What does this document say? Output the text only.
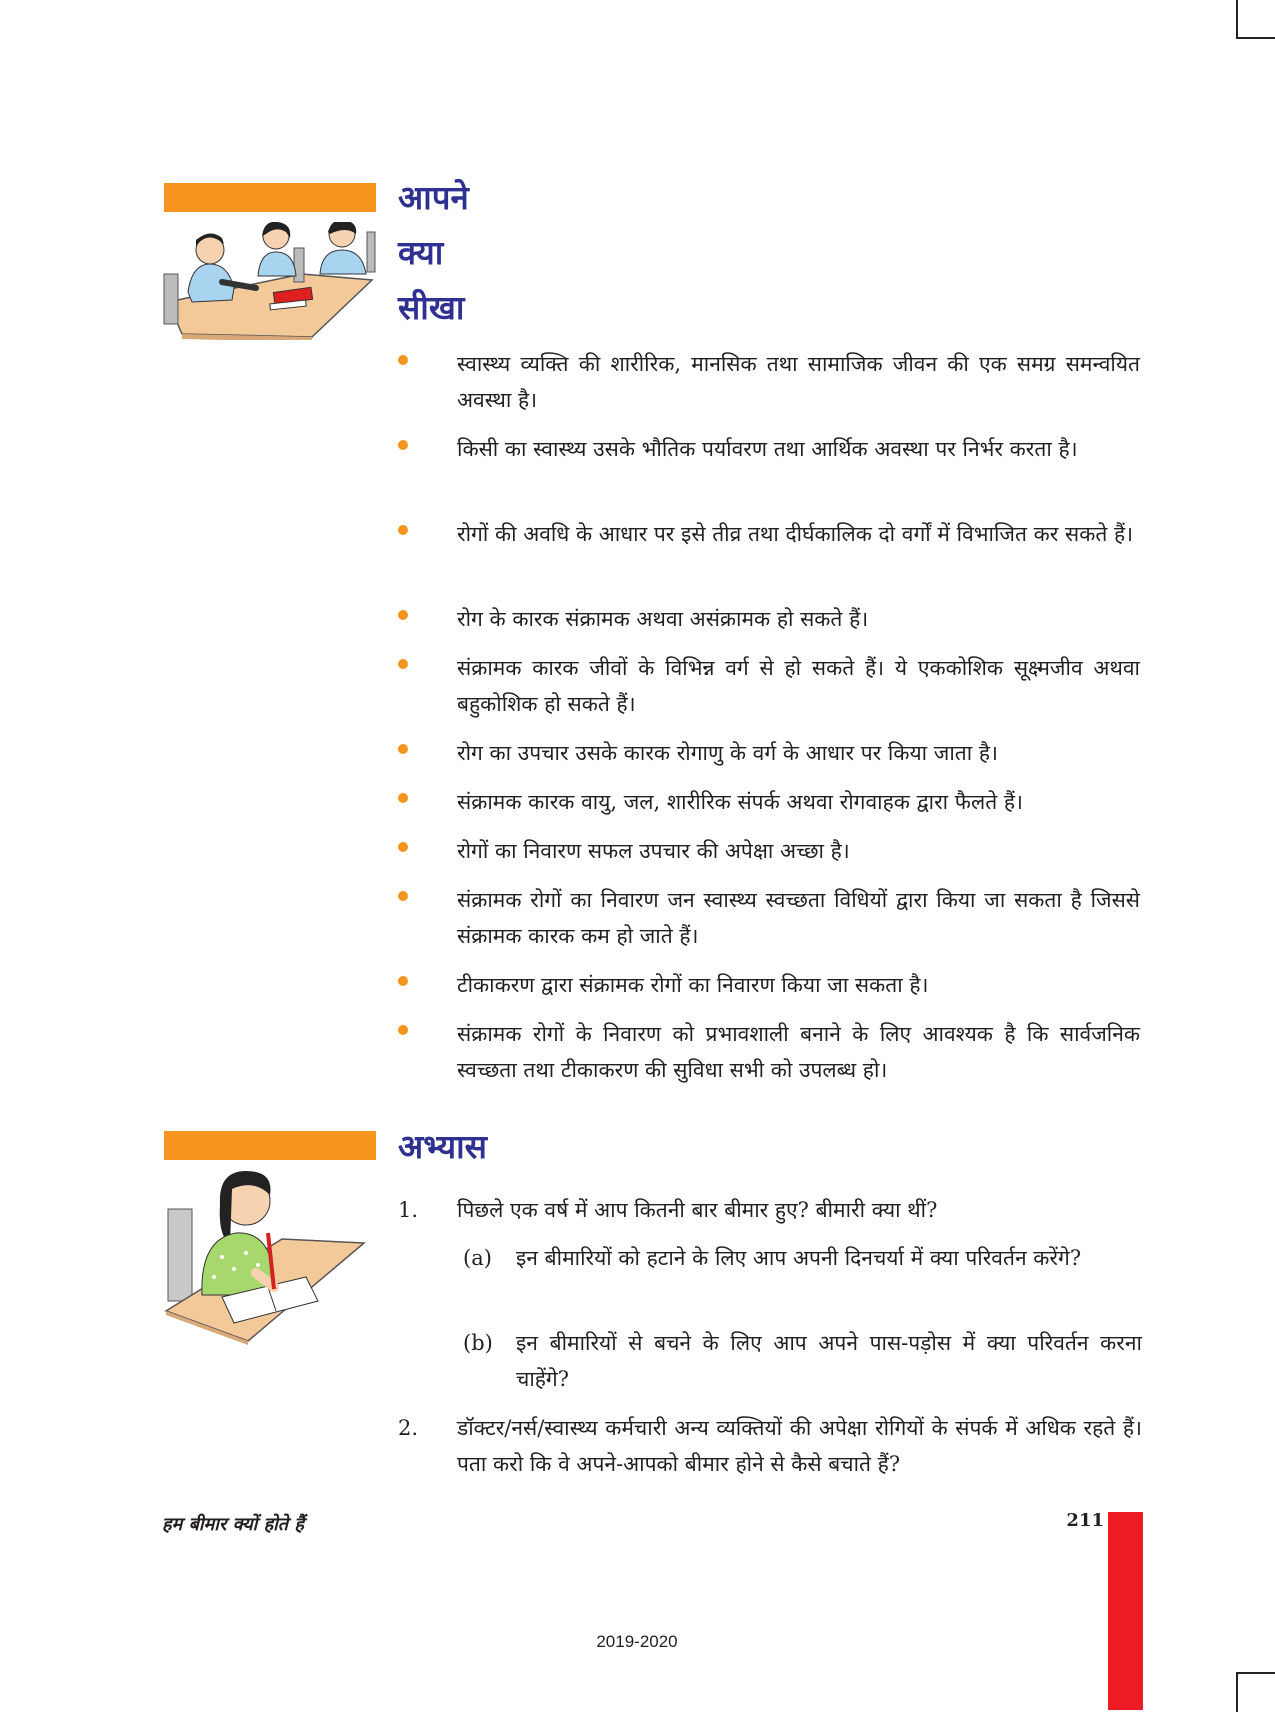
आपने
क्या
सीखा
स्वास्थ्य व्यक्ति की शारीरिक, मानसिक तथा सामाजिक जीवन की एक समग्र समन्वयित अवस्था है।
किसी का स्वास्थ्य उसके भौतिक पर्यावरण तथा आर्थिक अवस्था पर निर्भर करता है।
रोगों की अवधि के आधार पर इसे तीव्र तथा दीर्घकालिक दो वर्गों में विभाजित कर सकते हैं।
रोग के कारक संक्रामक अथवा असंक्रामक हो सकते हैं।
संक्रामक कारक जीवों के विभिन्न वर्ग से हो सकते हैं। ये एककोशिक सूक्ष्मजीव अथवा बहुकोशिक हो सकते हैं।
रोग का उपचार उसके कारक रोगाणु के वर्ग के आधार पर किया जाता है।
संक्रामक कारक वायु, जल, शारीरिक संपर्क अथवा रोगवाहक द्वारा फैलते हैं।
रोगों का निवारण सफल उपचार की अपेक्षा अच्छा है।
संक्रामक रोगों का निवारण जन स्वास्थ्य स्वच्छता विधियों द्वारा किया जा सकता है जिससे संक्रामक कारक कम हो जाते हैं।
टीकाकरण द्वारा संक्रामक रोगों का निवारण किया जा सकता है।
संक्रामक रोगों के निवारण को प्रभावशाली बनाने के लिए आवश्यक है कि सार्वजनिक स्वच्छता तथा टीकाकरण की सुविधा सभी को उपलब्ध हो।
अभ्यास
1. पिछले एक वर्ष में आप कितनी बार बीमार हुए? बीमारी क्या थीं?
(a) इन बीमारियों को हटाने के लिए आप अपनी दिनचर्या में क्या परिवर्तन करेंगे?
(b) इन बीमारियों से बचने के लिए आप अपने पास-पड़ोस में क्या परिवर्तन करना चाहेंगे?
2. डॉक्टर/नर्स/स्वास्थ्य कर्मचारी अन्य व्यक्तियों की अपेक्षा रोगियों के संपर्क में अधिक रहते हैं। पता करो कि वे अपने-आपको बीमार होने से कैसे बचाते हैं?
हम बीमार क्यों होते हैं	211
2019-2020
